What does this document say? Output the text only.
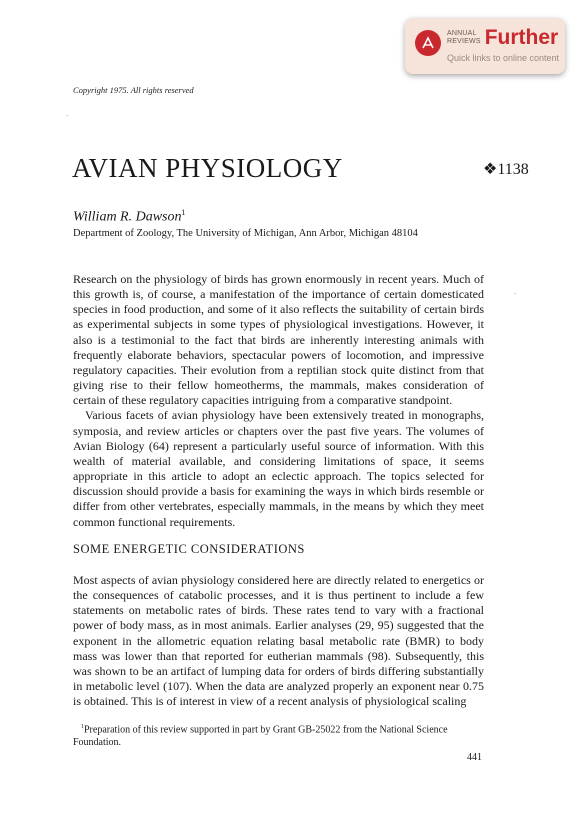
ANNUAL
REVIEWS Further
Quick links to online content
Copyright 1975. All rights reserved
·
·
AVIAN PHYSIOLOGY	❖1138
William R. Dawson$^1$
Department of Zoology, The University of Michigan, Ann Arbor, Michigan 48104

Research on the physiology of birds has grown enormously in recent years. Much of this growth is, of course, a manifestation of the importance of certain domesticated species in food production, and some of it also reflects the suitability of certain birds as experimental subjects in some types of physiological investigations. However, it also is a testimonial to the fact that birds are inherently interesting animals with frequently elaborate behaviors, spectacular powers of locomotion, and impressive regulatory capacities. Their evolution from a reptilian stock quite distinct from that giving rise to their fellow homeotherms, the mammals, makes consideration of certain of these regulatory capacities intriguing from a comparative standpoint.

Various facets of avian physiology have been extensively treated in monographs, symposia, and review articles or chapters over the past five years. The volumes of Avian Biology (64) represent a particularly useful source of information. With this wealth of material available, and considering limitations of space, it seems appropriate in this article to adopt an eclectic approach. The topics selected for discussion should provide a basis for examining the ways in which birds resemble or differ from other vertebrates, especially mammals, in the means by which they meet common functional requirements.

SOME ENERGETIC CONSIDERATIONS

Most aspects of avian physiology considered here are directly related to energetics or the consequences of catabolic processes, and it is thus pertinent to include a few statements on metabolic rates of birds. These rates tend to vary with a fractional power of body mass, as in most animals. Earlier analyses (29, 95) suggested that the exponent in the allometric equation relating basal metabolic rate (BMR) to body mass was lower than that reported for eutherian mammals (98). Subsequently, this was shown to be an artifact of lumping data for orders of birds differing substantially in metabolic level (107). When the data are analyzed properly an exponent near 0.75 is obtained. This is of interest in view of a recent analysis of physiological scaling

$^1$Preparation of this review supported in part by Grant GB-25022 from the National Science Foundation.
441
